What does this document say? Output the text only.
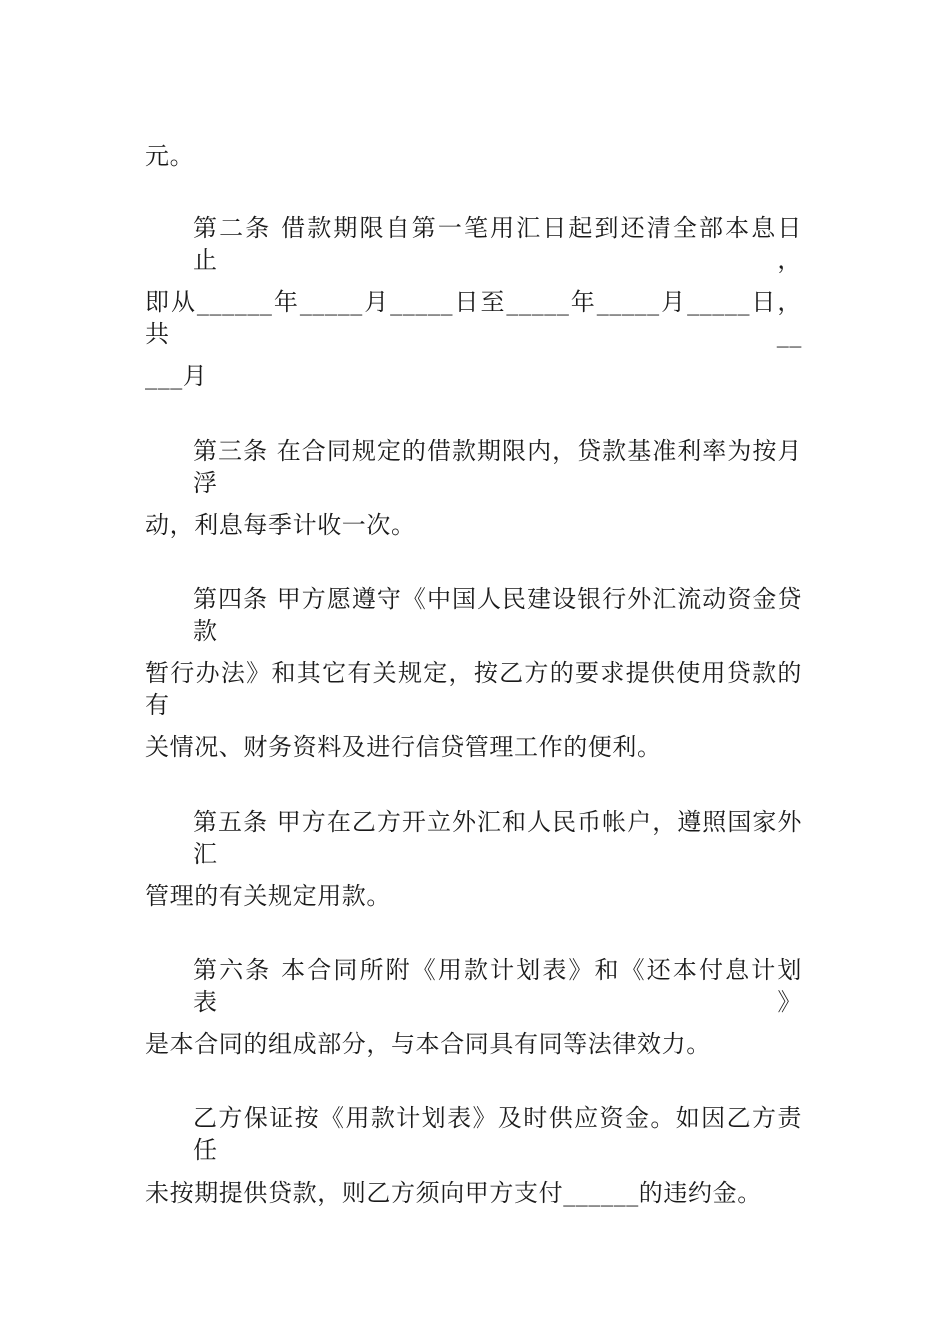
元。
第二条 借款期限自第一笔用汇日起到还清全部本息日止，
即从______年_____月_____日至_____年_____月_____日，共__
___月
第三条 在合同规定的借款期限内，贷款基准利率为按月浮
动，利息每季计收一次。
第四条 甲方愿遵守《中国人民建设银行外汇流动资金贷款
暂行办法》和其它有关规定，按乙方的要求提供使用贷款的有
关情况、财务资料及进行信贷管理工作的便利。
第五条 甲方在乙方开立外汇和人民币帐户，遵照国家外汇
管理的有关规定用款。
第六条 本合同所附《用款计划表》和《还本付息计划表》
是本合同的组成部分，与本合同具有同等法律效力。
乙方保证按《用款计划表》及时供应资金。如因乙方责任
未按期提供贷款，则乙方须向甲方支付______的违约金。
